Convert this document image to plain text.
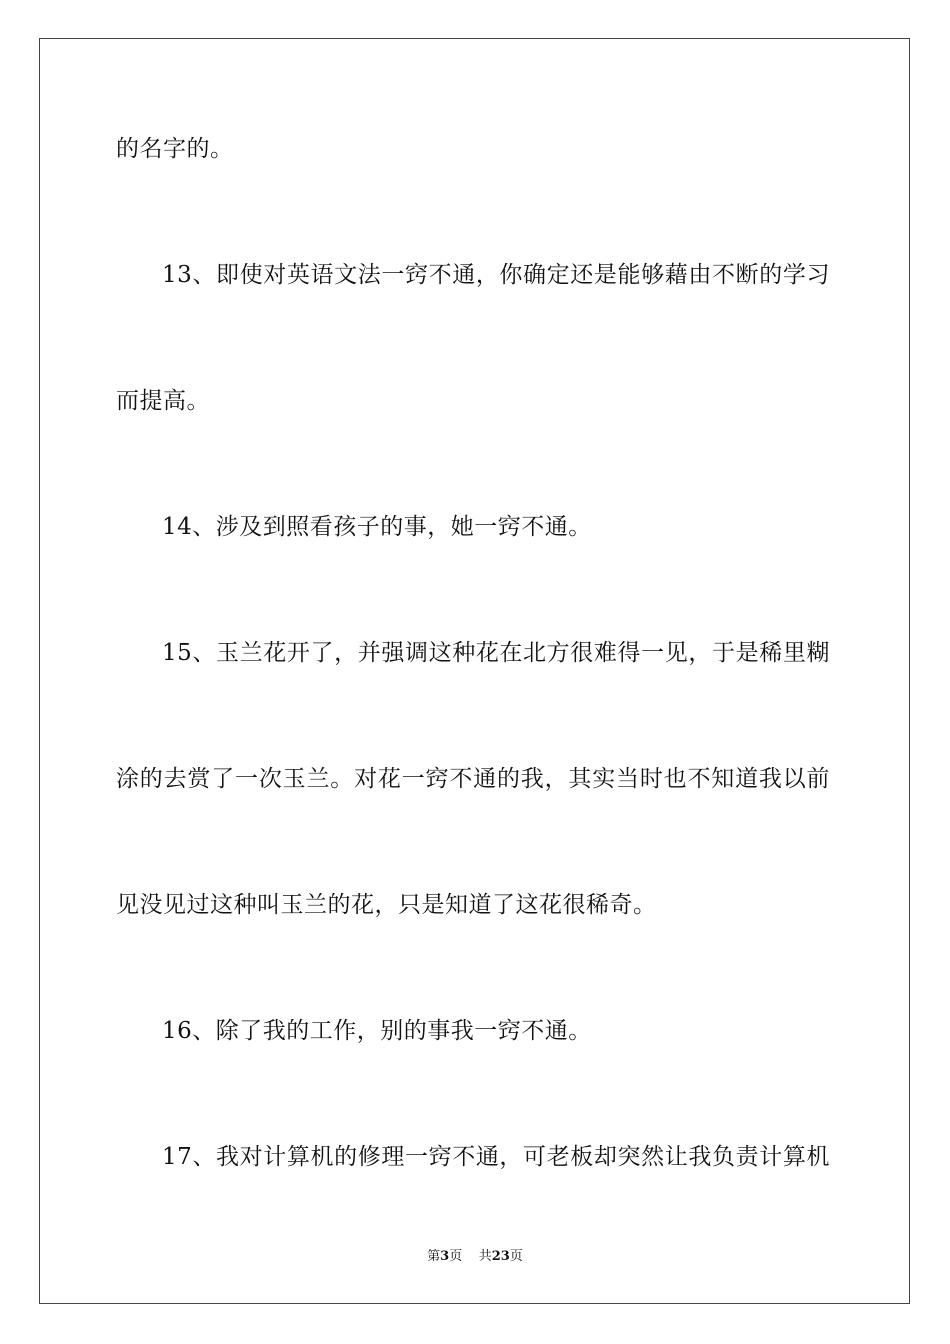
的名字的。
13、即使对英语文法一窍不通，你确定还是能够藉由不断的学习
而提高。
14、涉及到照看孩子的事，她一窍不通。
15、玉兰花开了，并强调这种花在北方很难得一见，于是稀里糊
涂的去赏了一次玉兰。对花一窍不通的我，其实当时也不知道我以前
见没见过这种叫玉兰的花，只是知道了这花很稀奇。
16、除了我的工作，别的事我一窍不通。
17、我对计算机的修理一窍不通，可老板却突然让我负责计算机
第3页 共23页
